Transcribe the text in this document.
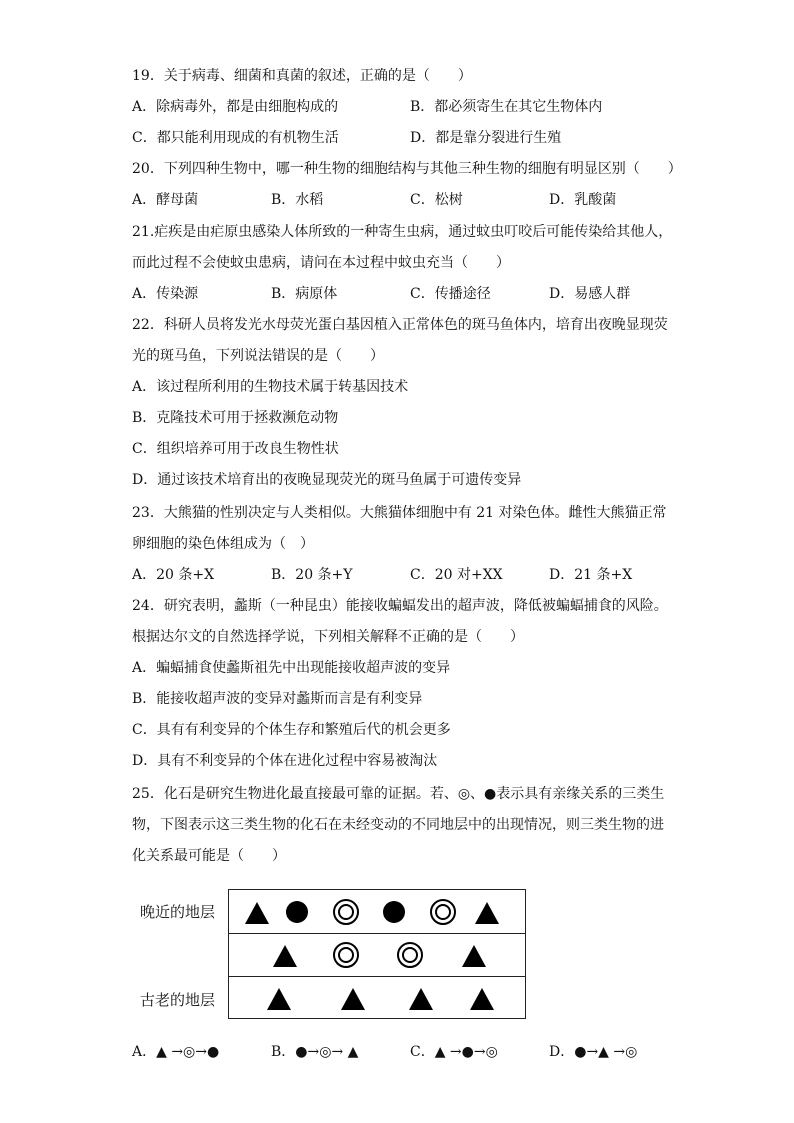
19．关于病毒、细菌和真菌的叙述，正确的是（　　）
A．除病毒外，都是由细胞构成的	B．都必须寄生在其它生物体内
C．都只能利用现成的有机物生活	D．都是靠分裂进行生殖
20．下列四种生物中，哪一种生物的细胞结构与其他三种生物的细胞有明显区别（　　）
A．酵母菌	B．水稻	C．松树	D．乳酸菌
21.疟疾是由疟原虫感染人体所致的一种寄生虫病，通过蚊虫叮咬后可能传染给其他人，
而此过程不会使蚊虫患病，请问在本过程中蚊虫充当（　　）
A．传染源	B．病原体	C．传播途径	D．易感人群
22．科研人员将发光水母荧光蛋白基因植入正常体色的斑马鱼体内，培育出夜晚显现荧
光的斑马鱼，下列说法错误的是（　　）
A．该过程所利用的生物技术属于转基因技术
B．克隆技术可用于拯救濒危动物
C．组织培养可用于改良生物性状
D．通过该技术培育出的夜晚显现荧光的斑马鱼属于可遗传变异
23．大熊猫的性别决定与人类相似。大熊猫体细胞中有 21 对染色体。雌性大熊猫正常
卵细胞的染色体组成为（　）
A．20 条+X	B．20 条+Y	C．20 对+XX	D．21 条+X
24．研究表明，蠡斯（一种昆虫）能接收蝙蝠发出的超声波，降低被蝙蝠捕食的风险。
根据达尔文的自然选择学说，下列相关解释不正确的是（　　）
A．蝙蝠捕食使蠡斯祖先中出现能接收超声波的变异
B．能接收超声波的变异对蠡斯而言是有利变异
C．具有有利变异的个体生存和繁殖后代的机会更多
D．具有不利变异的个体在进化过程中容易被淘汰
25．化石是研究生物进化最直接最可靠的证据。若、◎、●表示具有亲缘关系的三类生
物，下图表示这三类生物的化石在未经变动的不同地层中的出现情况，则三类生物的进
化关系最可能是（　　）
晚近的地层
古老的地层
A．▲ →◎→●	B．●→◎→ ▲	C．▲ →●→◎	D．●→▲ →◎
